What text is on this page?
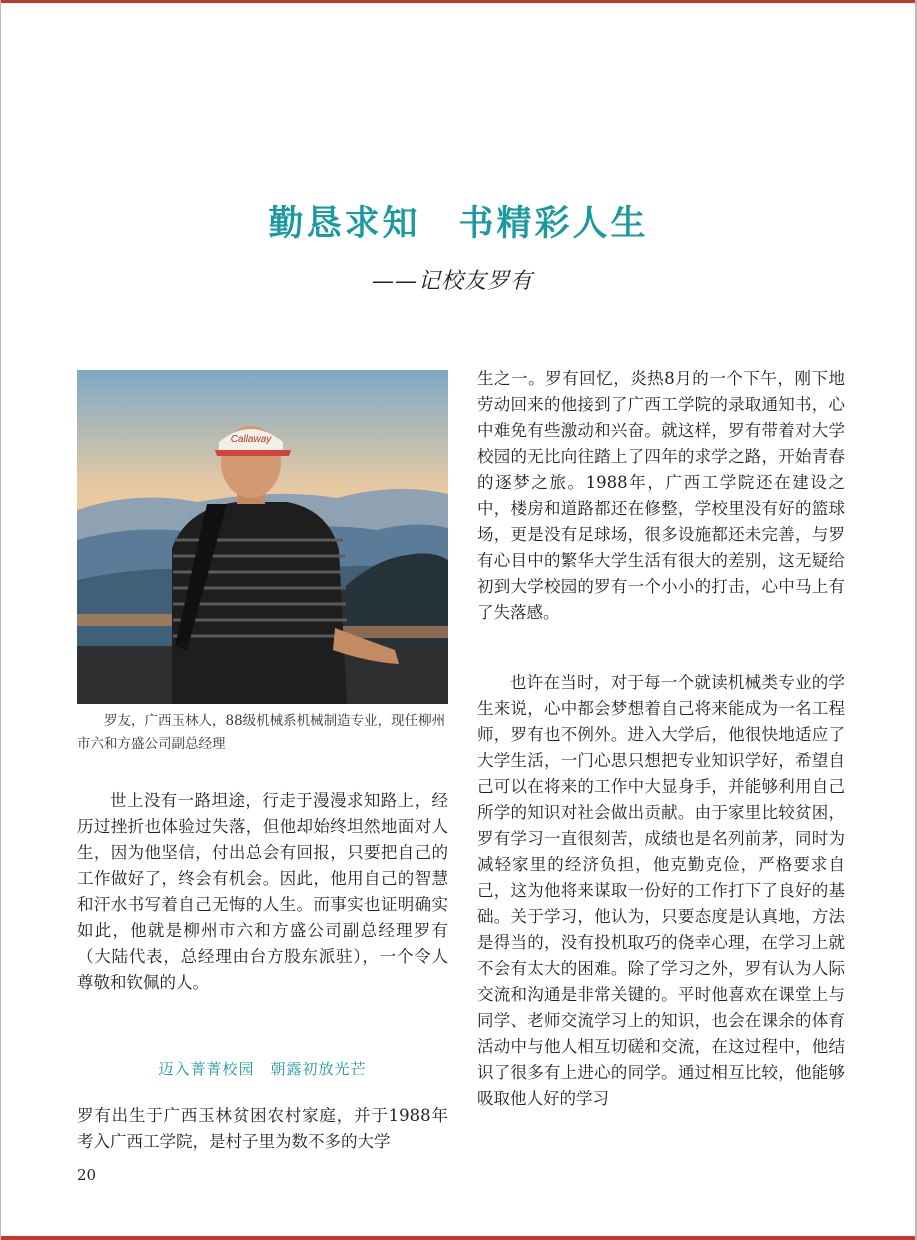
勤恳求知　书精彩人生
——记校友罗有
Callaway
罗友，广西玉林人，88级机械系机械制造专业，现任柳州市六和方盛公司副总经理
世上没有一路坦途，行走于漫漫求知路上，经历过挫折也体验过失落，但他却始终坦然地面对人生，因为他坚信，付出总会有回报，只要把自己的工作做好了，终会有机会。因此，他用自己的智慧和汗水书写着自己无悔的人生。而事实也证明确实如此，他就是柳州市六和方盛公司副总经理罗有（大陆代表，总经理由台方股东派驻），一个令人尊敬和钦佩的人。
迈入菁菁校园　朝露初放光芒
罗有出生于广西玉林贫困农村家庭，并于1988年考入广西工学院，是村子里为数不多的大学
生之一。罗有回忆，炎热8月的一个下午，刚下地劳动回来的他接到了广西工学院的录取通知书，心中难免有些激动和兴奋。就这样，罗有带着对大学校园的无比向往踏上了四年的求学之路，开始青春的逐梦之旅。1988年，广西工学院还在建设之中，楼房和道路都还在修整，学校里没有好的篮球场，更是没有足球场，很多设施都还未完善，与罗有心目中的繁华大学生活有很大的差别，这无疑给初到大学校园的罗有一个小小的打击，心中马上有了失落感。
也许在当时，对于每一个就读机械类专业的学生来说，心中都会梦想着自己将来能成为一名工程师，罗有也不例外。进入大学后，他很快地适应了大学生活，一门心思只想把专业知识学好，希望自己可以在将来的工作中大显身手，并能够利用自己所学的知识对社会做出贡献。由于家里比较贫困，罗有学习一直很刻苦，成绩也是名列前茅，同时为减轻家里的经济负担，他克勤克俭，严格要求自己，这为他将来谋取一份好的工作打下了良好的基础。关于学习，他认为，只要态度是认真地，方法是得当的，没有投机取巧的侥幸心理，在学习上就不会有太大的困难。除了学习之外，罗有认为人际交流和沟通是非常关键的。平时他喜欢在课堂上与同学、老师交流学习上的知识，也会在课余的体育活动中与他人相互切磋和交流，在这过程中，他结识了很多有上进心的同学。通过相互比较，他能够吸取他人好的学习
20
